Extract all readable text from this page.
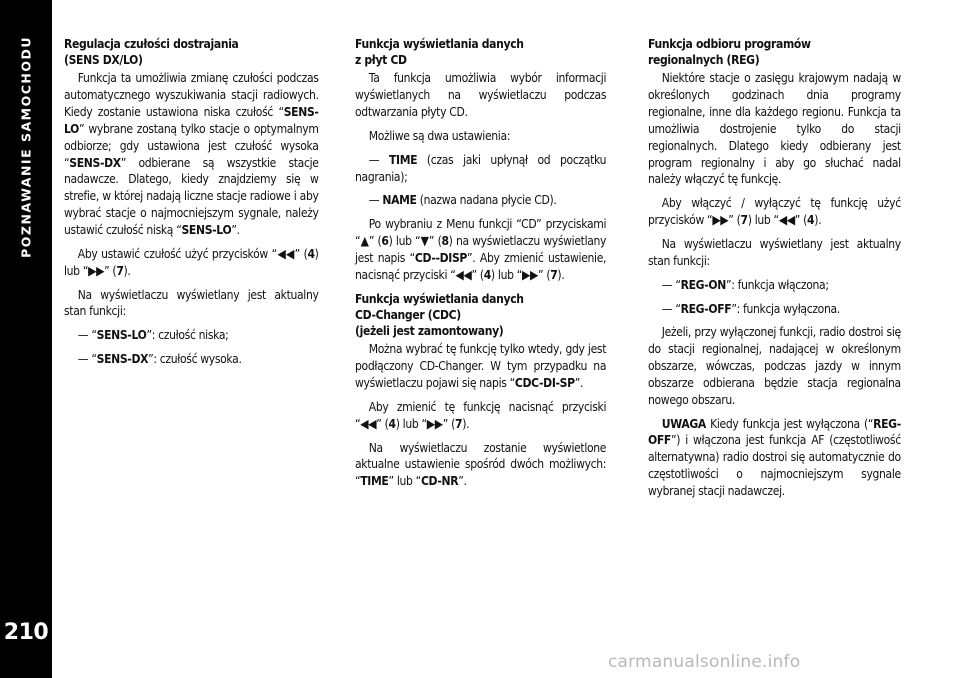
POZNAWANIE SAMOCHODU
210
Regulacja czułości dostrajania
(SENS DX/LO)

Funkcja ta umożliwia zmianę czułości podczas automatycznego wyszukiwania stacji radiowych. Kiedy zostanie ustawiona niska czułość “SENS-LO” wybrane zostaną tylko stacje o optymalnym odbiorze; gdy ustawiona jest czułość wysoka “SENS-DX” odbierane są wszystkie stacje nadawcze. Dlatego, kiedy znajdziemy się w strefie, w której nadają liczne stacje radiowe i aby wybrać stacje o najmocniejszym sygnale, należy ustawić czułość niską “SENS-LO”.

Aby ustawić czułość użyć przycisków “◀◀” (4) lub “▶▶” (7).

Na wyświetlaczu wyświetlany jest aktualny stan funkcji:

— “SENS-LO”: czułość niska;

— “SENS-DX”: czułość wysoka.

Funkcja wyświetlania danych
z płyt CD

Ta funkcja umożliwia wybór informacji wyświetlanych na wyświetlaczu podczas odtwarzania płyty CD.

Możliwe są dwa ustawienia:

— TIME (czas jaki upłynął od początku nagrania);

— NAME (nazwa nadana płycie CD).

Po wybraniu z Menu funkcji “CD” przyciskami “▲” (6) lub “▼” (8) na wyświetlaczu wyświetlany jest napis “CD--DISP”. Aby zmienić ustawienie, nacisnąć przyciski “◀◀” (4) lub “▶▶” (7).

Funkcja wyświetlania danych
CD-Changer (CDC)
(jeżeli jest zamontowany)

Można wybrać tę funkcję tylko wtedy, gdy jest podłączony CD-Changer. W tym przypadku na wyświetlaczu pojawi się napis “CDC-DI-SP”.

Aby zmienić tę funkcję nacisnąć przyciski “◀◀” (4) lub “▶▶” (7).

Na wyświetlaczu zostanie wyświetlone aktualne ustawienie spośród dwóch możliwych: “TIME” lub “CD-NR”.

Funkcja odbioru programów
regionalnych (REG)

Niektóre stacje o zasięgu krajowym nadają w określonych godzinach dnia programy regionalne, inne dla każdego regionu. Funkcja ta umożliwia dostrojenie tylko do stacji regionalnych. Dlatego kiedy odbierany jest program regionalny i aby go słuchać nadal należy włączyć tę funkcję.

Aby włączyć / wyłączyć tę funkcję użyć przycisków “▶▶” (7) lub “◀◀” (4).

Na wyświetlaczu wyświetlany jest aktualny stan funkcji:

— “REG-ON”: funkcja włączona;

— “REG-OFF”: funkcja wyłączona.

Jeżeli, przy wyłączonej funkcji, radio dostroi się do stacji regionalnej, nadającej w określonym obszarze, wówczas, podczas jazdy w innym obszarze odbierana będzie stacja regionalna nowego obszaru.

UWAGA Kiedy funkcja jest wyłączona (“REG-OFF”) i włączona jest funkcja AF (częstotliwość alternatywna) radio dostroi się automatycznie do częstotliwości o najmocniejszym sygnale wybranej stacji nadawczej.

carmanualsonline.info
